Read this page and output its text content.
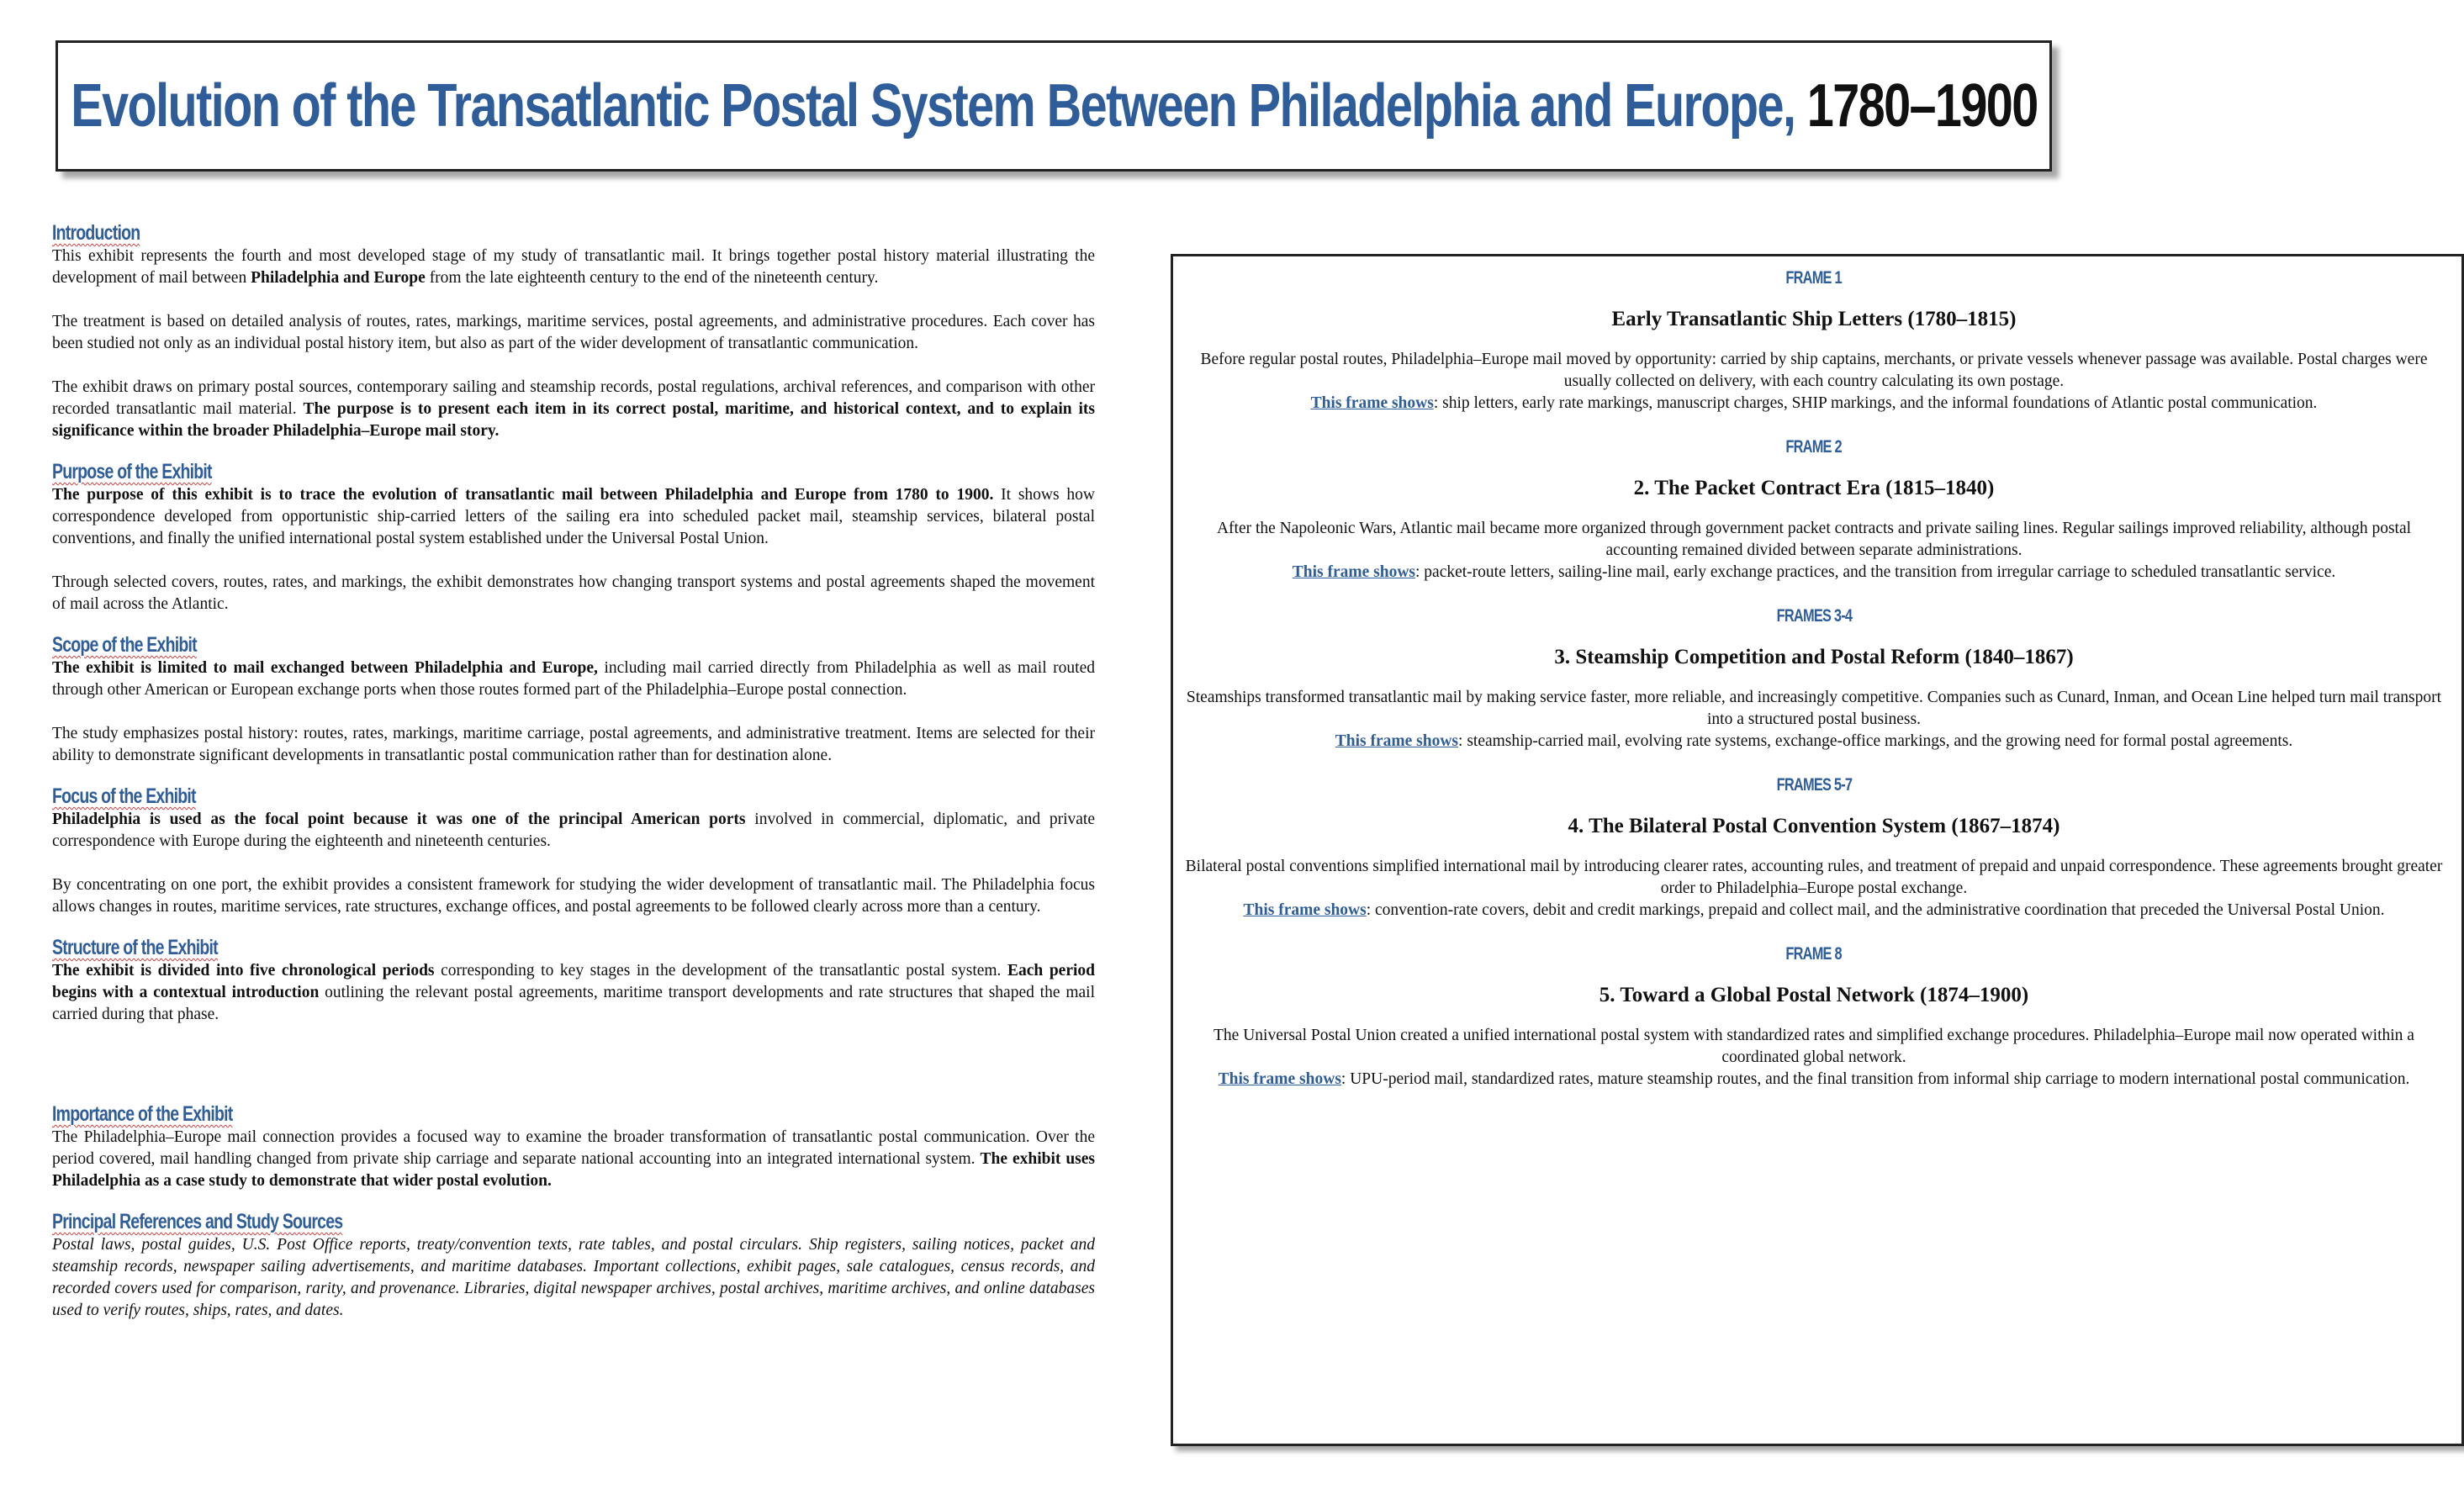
Evolution of the Transatlantic Postal System Between Philadelphia and Europe, 1780–1900
Introduction

This exhibit represents the fourth and most developed stage of my study of transatlantic mail. It brings together postal history material illustrating the development of mail between Philadelphia and Europe from the late eighteenth century to the end of the nineteenth century.

The treatment is based on detailed analysis of routes, rates, markings, maritime services, postal agreements, and administrative procedures. Each cover has been studied not only as an individual postal history item, but also as part of the wider development of transatlantic communication.

The exhibit draws on primary postal sources, contemporary sailing and steamship records, postal regulations, archival references, and comparison with other recorded transatlantic mail material. The purpose is to present each item in its correct postal, maritime, and historical context, and to explain its significance within the broader Philadelphia–Europe mail story.

Purpose of the Exhibit

The purpose of this exhibit is to trace the evolution of transatlantic mail between Philadelphia and Europe from 1780 to 1900. It shows how correspondence developed from opportunistic ship-carried letters of the sailing era into scheduled packet mail, steamship services, bilateral postal conventions, and finally the unified international postal system established under the Universal Postal Union.

Through selected covers, routes, rates, and markings, the exhibit demonstrates how changing transport systems and postal agreements shaped the movement of mail across the Atlantic.

Scope of the Exhibit

The exhibit is limited to mail exchanged between Philadelphia and Europe, including mail carried directly from Philadelphia as well as mail routed through other American or European exchange ports when those routes formed part of the Philadelphia–Europe postal connection.

The study emphasizes postal history: routes, rates, markings, maritime carriage, postal agreements, and administrative treatment. Items are selected for their ability to demonstrate significant developments in transatlantic postal communication rather than for destination alone.

Focus of the Exhibit

Philadelphia is used as the focal point because it was one of the principal American ports involved in commercial, diplomatic, and private correspondence with Europe during the eighteenth and nineteenth centuries.

By concentrating on one port, the exhibit provides a consistent framework for studying the wider development of transatlantic mail. The Philadelphia focus allows changes in routes, maritime services, rate structures, exchange offices, and postal agreements to be followed clearly across more than a century.

Structure of the Exhibit

The exhibit is divided into five chronological periods corresponding to key stages in the development of the transatlantic postal system. Each period begins with a contextual introduction outlining the relevant postal agreements, maritime transport developments and rate structures that shaped the mail carried during that phase.

Importance of the Exhibit

The Philadelphia–Europe mail connection provides a focused way to examine the broader transformation of transatlantic postal communication. Over the period covered, mail handling changed from private ship carriage and separate national accounting into an integrated international system. The exhibit uses Philadelphia as a case study to demonstrate that wider postal evolution.

Principal References and Study Sources

Postal laws, postal guides, U.S. Post Office reports, treaty/convention texts, rate tables, and postal circulars. Ship registers, sailing notices, packet and steamship records, newspaper sailing advertisements, and maritime databases. Important collections, exhibit pages, sale catalogues, census records, and recorded covers used for comparison, rarity, and provenance. Libraries, digital newspaper archives, postal archives, maritime archives, and online databases used to verify routes, ships, rates, and dates.

FRAME 1

Early Transatlantic Ship Letters (1780–1815)

Before regular postal routes, Philadelphia–Europe mail moved by opportunity: carried by ship captains, merchants, or private vessels whenever passage was available. Postal charges were usually collected on delivery, with each country calculating its own postage.
This frame shows: ship letters, early rate markings, manuscript charges, SHIP markings, and the informal foundations of Atlantic postal communication.

FRAME 2

2. The Packet Contract Era (1815–1840)

After the Napoleonic Wars, Atlantic mail became more organized through government packet contracts and private sailing lines. Regular sailings improved reliability, although postal accounting remained divided between separate administrations.
This frame shows: packet-route letters, sailing-line mail, early exchange practices, and the transition from irregular carriage to scheduled transatlantic service.

FRAMES 3-4

3. Steamship Competition and Postal Reform (1840–1867)

Steamships transformed transatlantic mail by making service faster, more reliable, and increasingly competitive. Companies such as Cunard, Inman, and Ocean Line helped turn mail transport into a structured postal business.
This frame shows: steamship-carried mail, evolving rate systems, exchange-office markings, and the growing need for formal postal agreements.

FRAMES 5-7

4. The Bilateral Postal Convention System (1867–1874)

Bilateral postal conventions simplified international mail by introducing clearer rates, accounting rules, and treatment of prepaid and unpaid correspondence. These agreements brought greater order to Philadelphia–Europe postal exchange.
This frame shows: convention-rate covers, debit and credit markings, prepaid and collect mail, and the administrative coordination that preceded the Universal Postal Union.

FRAME 8

5. Toward a Global Postal Network (1874–1900)

The Universal Postal Union created a unified international postal system with standardized rates and simplified exchange procedures. Philadelphia–Europe mail now operated within a coordinated global network.
This frame shows: UPU-period mail, standardized rates, mature steamship routes, and the final transition from informal ship carriage to modern international postal communication.
